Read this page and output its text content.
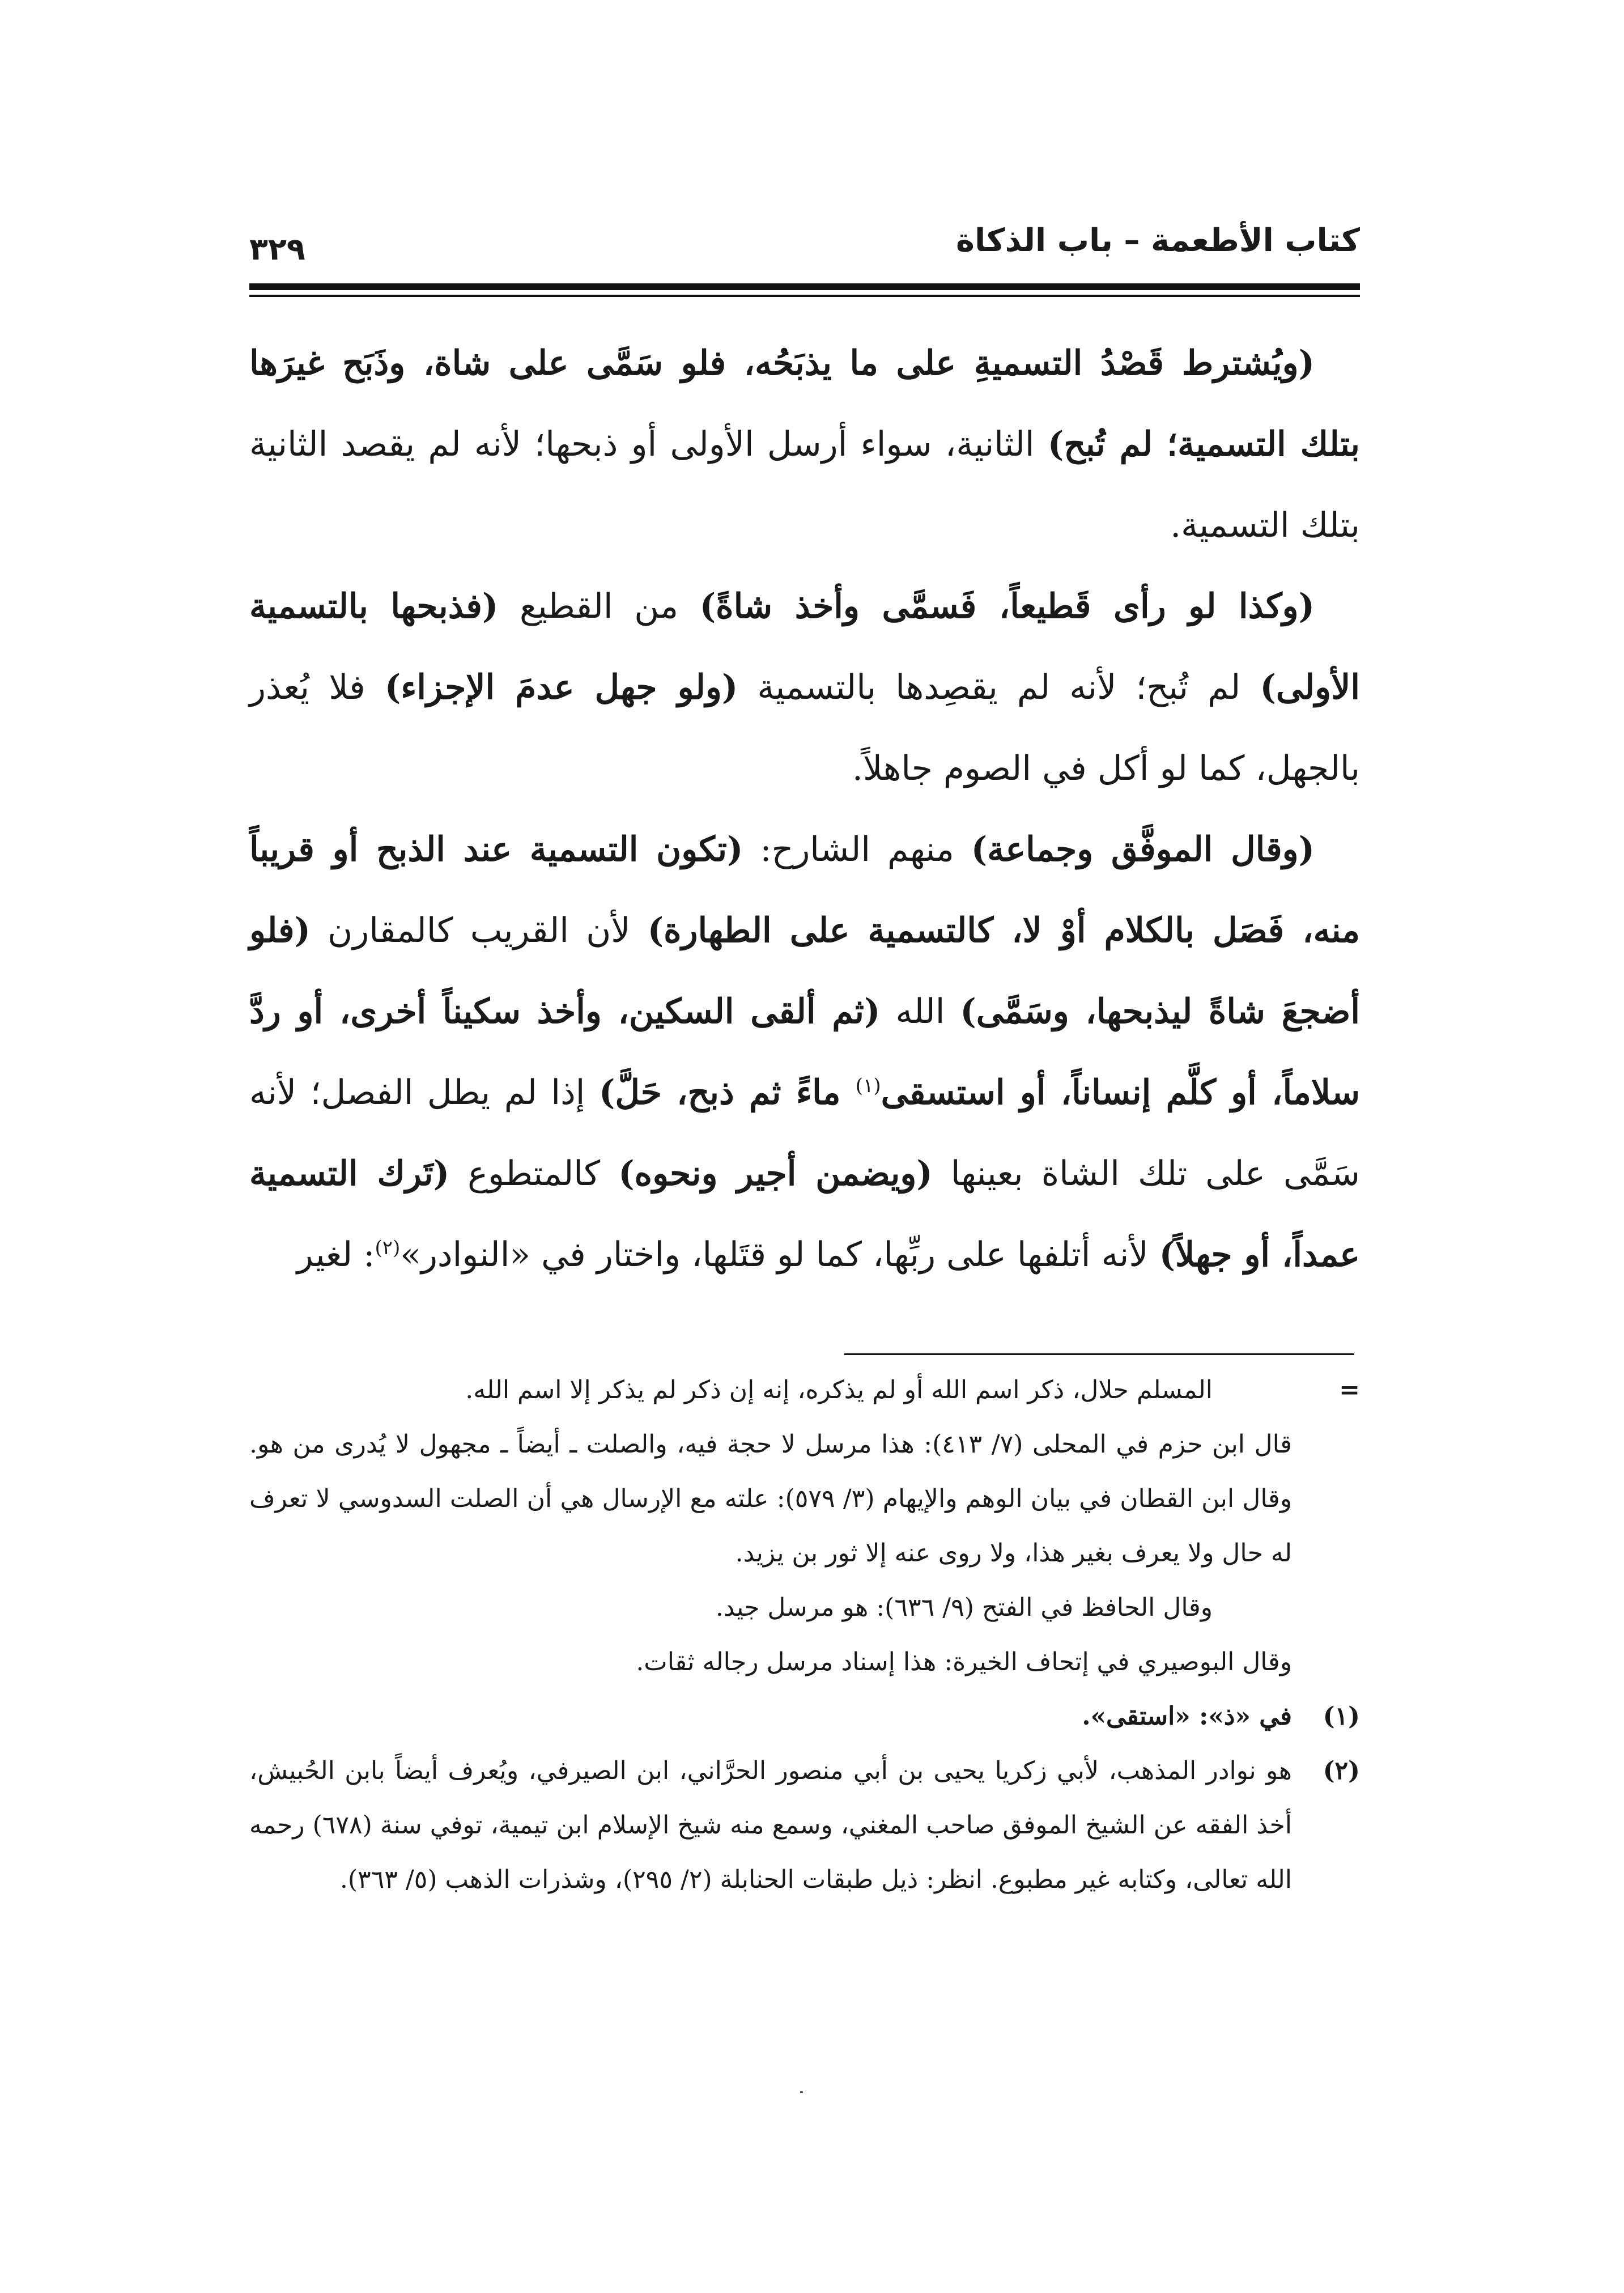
كتاب الأطعمة – باب الذكاة
٣٢٩

(ويُشترط قَصْدُ التسميةِ على ما يذبَحُه، فلو سَمَّى على شاة، وذَبَح غيرَها بتلك التسمية؛ لم تُبح) الثانية، سواء أرسل الأولى أو ذبحها؛ لأنه لم يقصد الثانية بتلك التسمية.

(وكذا لو رأى قَطيعاً، فَسمَّى وأخذ شاةً) من القطيع (فذبحها بالتسمية الأولى) لم تُبح؛ لأنه لم يقصِدها بالتسمية (ولو جهل عدمَ الإجزاء) فلا يُعذر بالجهل، كما لو أكل في الصوم جاهلاً.

(وقال الموفَّق وجماعة) منهم الشارح: (تكون التسمية عند الذبح أو قريباً منه، فَصَل بالكلام أوْ لا، كالتسمية على الطهارة) لأن القريب كالمقارن (فلو أضجعَ شاةً ليذبحها، وسَمَّى) الله (ثم ألقى السكين، وأخذ سكيناً أخرى، أو ردَّ سلاماً، أو كلَّم إنساناً، أو استسقى$^{(١)}$ ماءً ثم ذبح، حَلَّ) إذا لم يطل الفصل؛ لأنه سَمَّى على تلك الشاة بعينها (ويضمن أجير ونحوه) كالمتطوع (تَرك التسمية عمداً، أو جهلاً) لأنه أتلفها على ربِّها، كما لو قتَلها، واختار في «النوادر»$^{(٢)}$: لغير

=

المسلم حلال، ذكر اسم الله أو لم يذكره، إنه إن ذكر لم يذكر إلا اسم الله.

قال ابن حزم في المحلى (٧/ ٤١٣): هذا مرسل لا حجة فيه، والصلت ـ أيضاً ـ مجهول لا يُدرى من هو. وقال ابن القطان في بيان الوهم والإيهام (٣/ ٥٧٩): علته مع الإرسال هي أن الصلت السدوسي لا تعرف له حال ولا يعرف بغير هذا، ولا روى عنه إلا ثور بن يزيد.

وقال الحافظ في الفتح (٩/ ٦٣٦): هو مرسل جيد.

وقال البوصيري في إتحاف الخيرة: هذا إسناد مرسل رجاله ثقات.

(١)

في «ذ»: «استقى».

(٢)

هو نوادر المذهب، لأبي زكريا يحيى بن أبي منصور الحرَّاني، ابن الصيرفي، ويُعرف أيضاً بابن الحُبيش، أخذ الفقه عن الشيخ الموفق صاحب المغني، وسمع منه شيخ الإسلام ابن تيمية، توفي سنة (٦٧٨) رحمه الله تعالى، وكتابه غير مطبوع. انظر: ذيل طبقات الحنابلة (٢/ ٢٩٥)، وشذرات الذهب (٥/ ٣٦٣).
